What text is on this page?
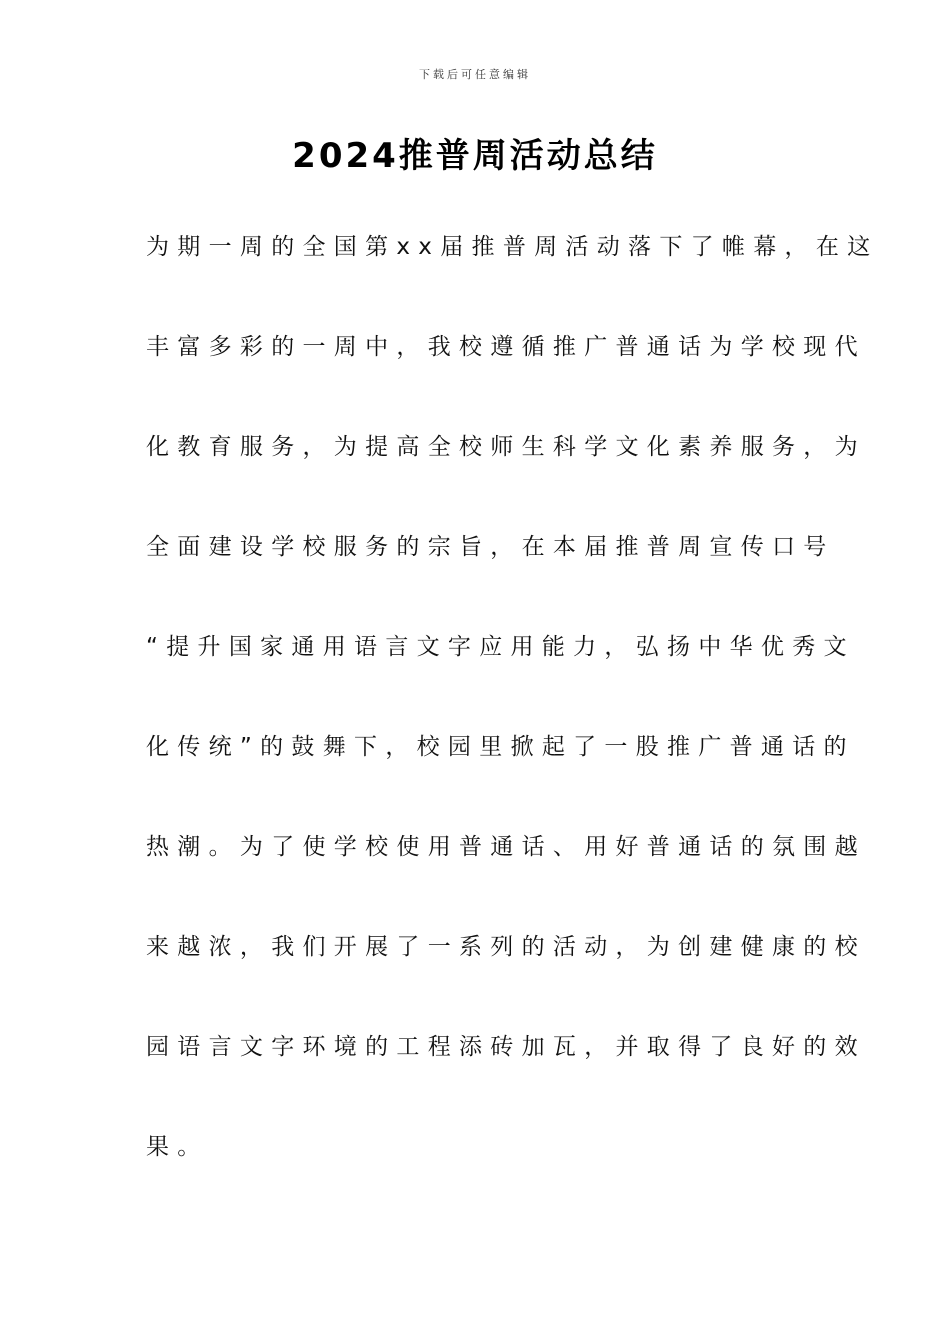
下载后可任意编辑
2024推普周活动总结
为期一周的全国第xx届推普周活动落下了帷幕，在这
丰富多彩的一周中，我校遵循推广普通话为学校现代
化教育服务，为提高全校师生科学文化素养服务，为
全面建设学校服务的宗旨，在本届推普周宣传口号
“提升国家通用语言文字应用能力，弘扬中华优秀文
化传统”的鼓舞下，校园里掀起了一股推广普通话的
热潮。为了使学校使用普通话、用好普通话的氛围越
来越浓，我们开展了一系列的活动，为创建健康的校
园语言文字环境的工程添砖加瓦，并取得了良好的效
果。
